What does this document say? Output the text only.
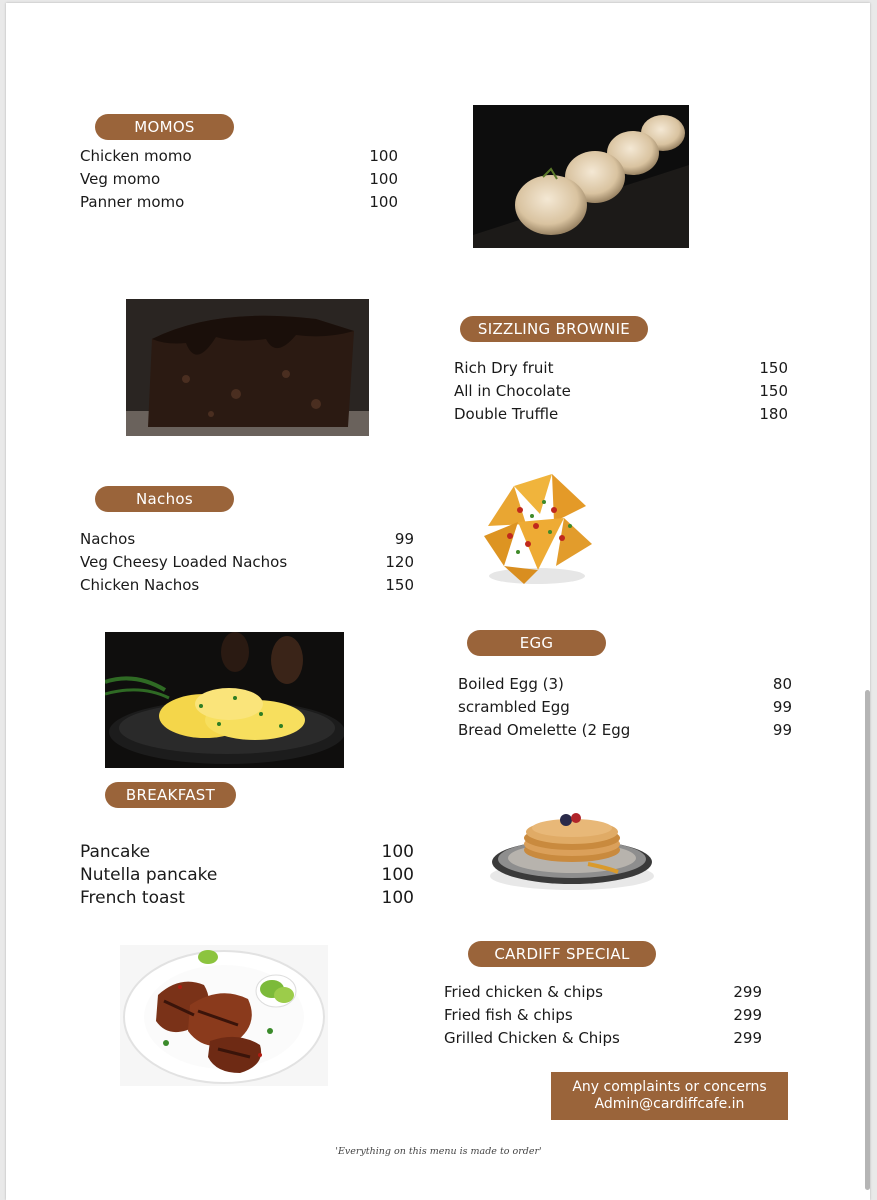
MOMOS
Chicken momo	100
Veg momo	100
Panner momo	100
SIZZLING BROWNIE
Rich Dry fruit	150
All in Chocolate	150
Double Truffle	180
Nachos
Nachos	99
Veg Cheesy Loaded Nachos	120
Chicken Nachos	150
EGG
Boiled Egg (3)	80
scrambled Egg	99
Bread Omelette (2 Egg	99
BREAKFAST
Pancake	100
Nutella pancake	100
French toast	100
CARDIFF SPECIAL
Fried chicken & chips	299
Fried fish & chips	299
Grilled Chicken & Chips	299
Any complaints or concerns
Admin@cardiffcafe.in
'Everything on this menu is made to order'
